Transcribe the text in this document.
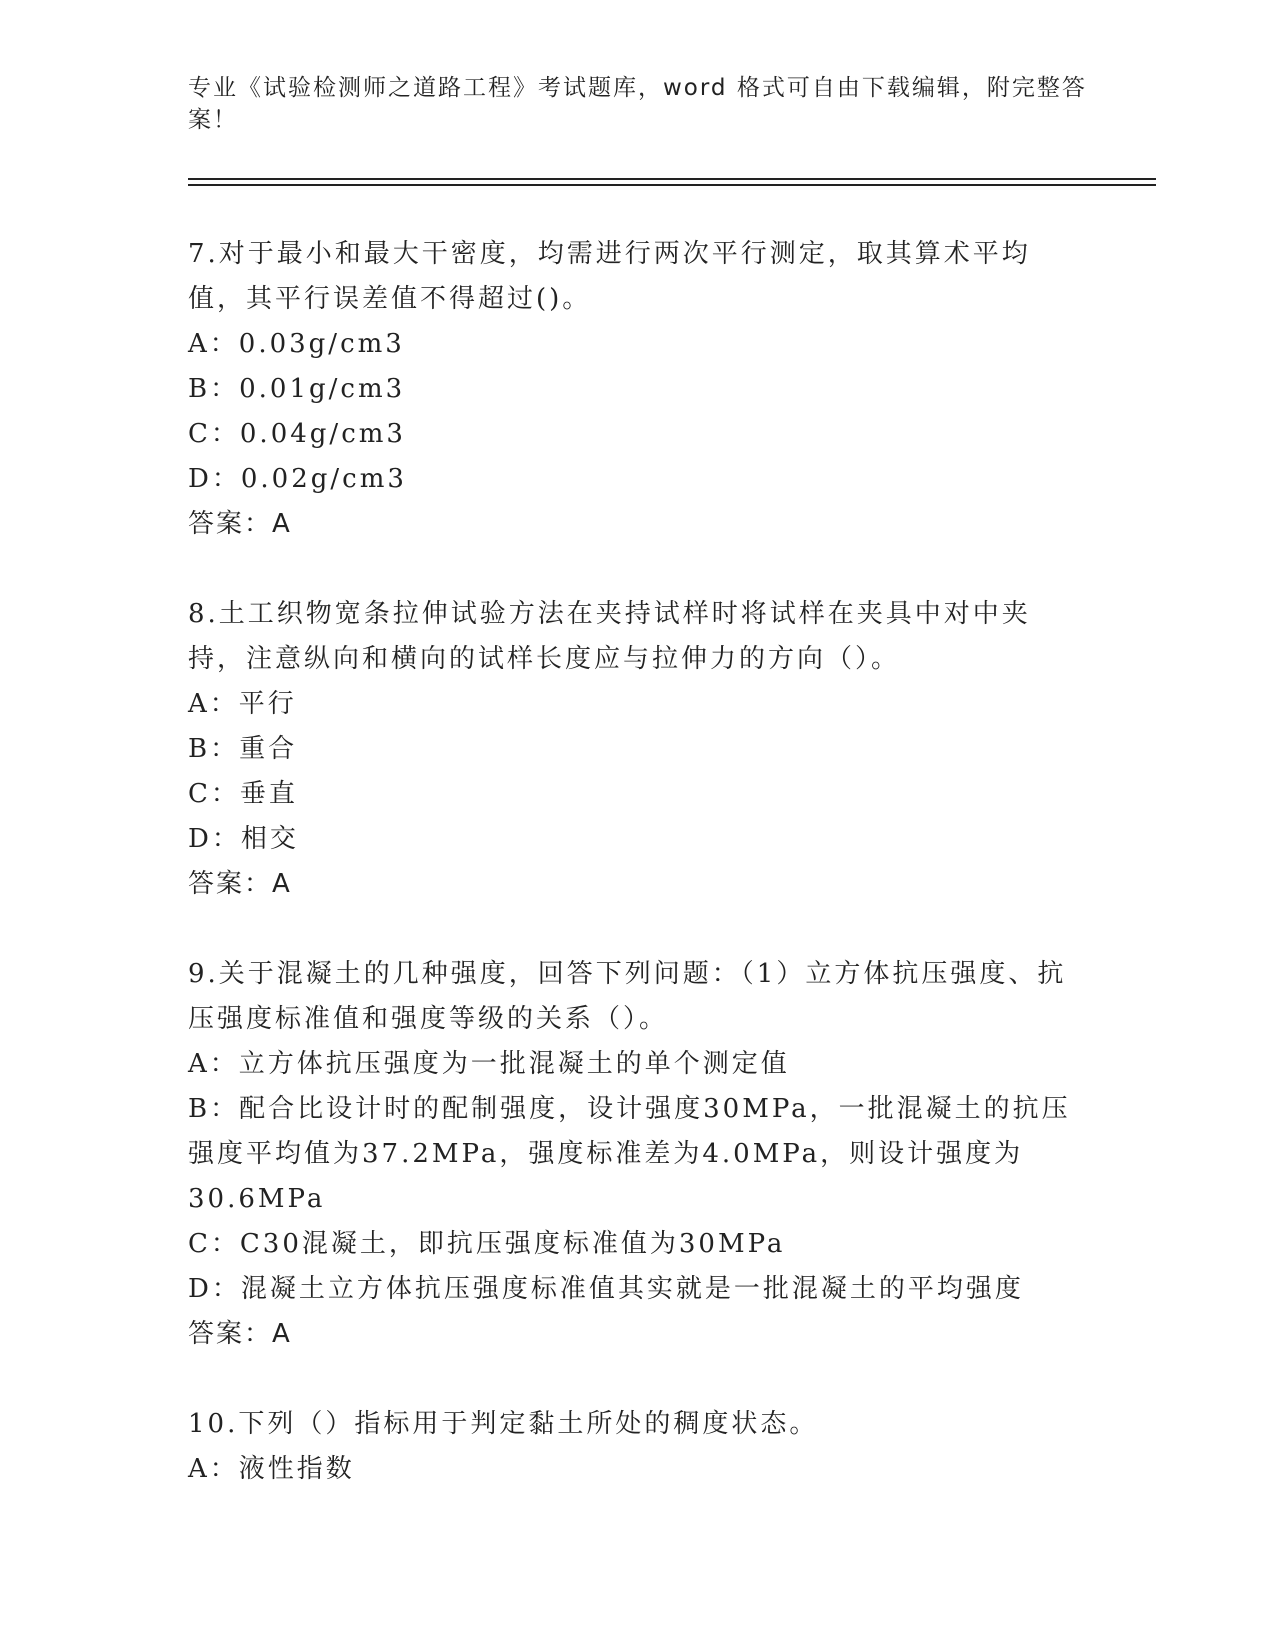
专业《试验检测师之道路工程》考试题库，word 格式可自由下载编辑，附完整答案！

7.对于最小和最大干密度，均需进行两次平行测定，取其算术平均值，其平行误差值不得超过()。

A：0.03g/cm3

B：0.01g/cm3

C：0.04g/cm3

D：0.02g/cm3

答案：A

8.土工织物宽条拉伸试验方法在夹持试样时将试样在夹具中对中夹持，注意纵向和横向的试样长度应与拉伸力的方向（）。

A：平行

B：重合

C：垂直

D：相交

答案：A

9.关于混凝土的几种强度，回答下列问题：（1）立方体抗压强度、抗压强度标准值和强度等级的关系（）。

A：立方体抗压强度为一批混凝土的单个测定值

B：配合比设计时的配制强度，设计强度30MPa，一批混凝土的抗压强度平均值为37.2MPa，强度标准差为4.0MPa，则设计强度为30.6MPa

C：C30混凝土，即抗压强度标准值为30MPa

D：混凝土立方体抗压强度标准值其实就是一批混凝土的平均强度

答案：A

10.下列（）指标用于判定黏土所处的稠度状态。

A：液性指数
